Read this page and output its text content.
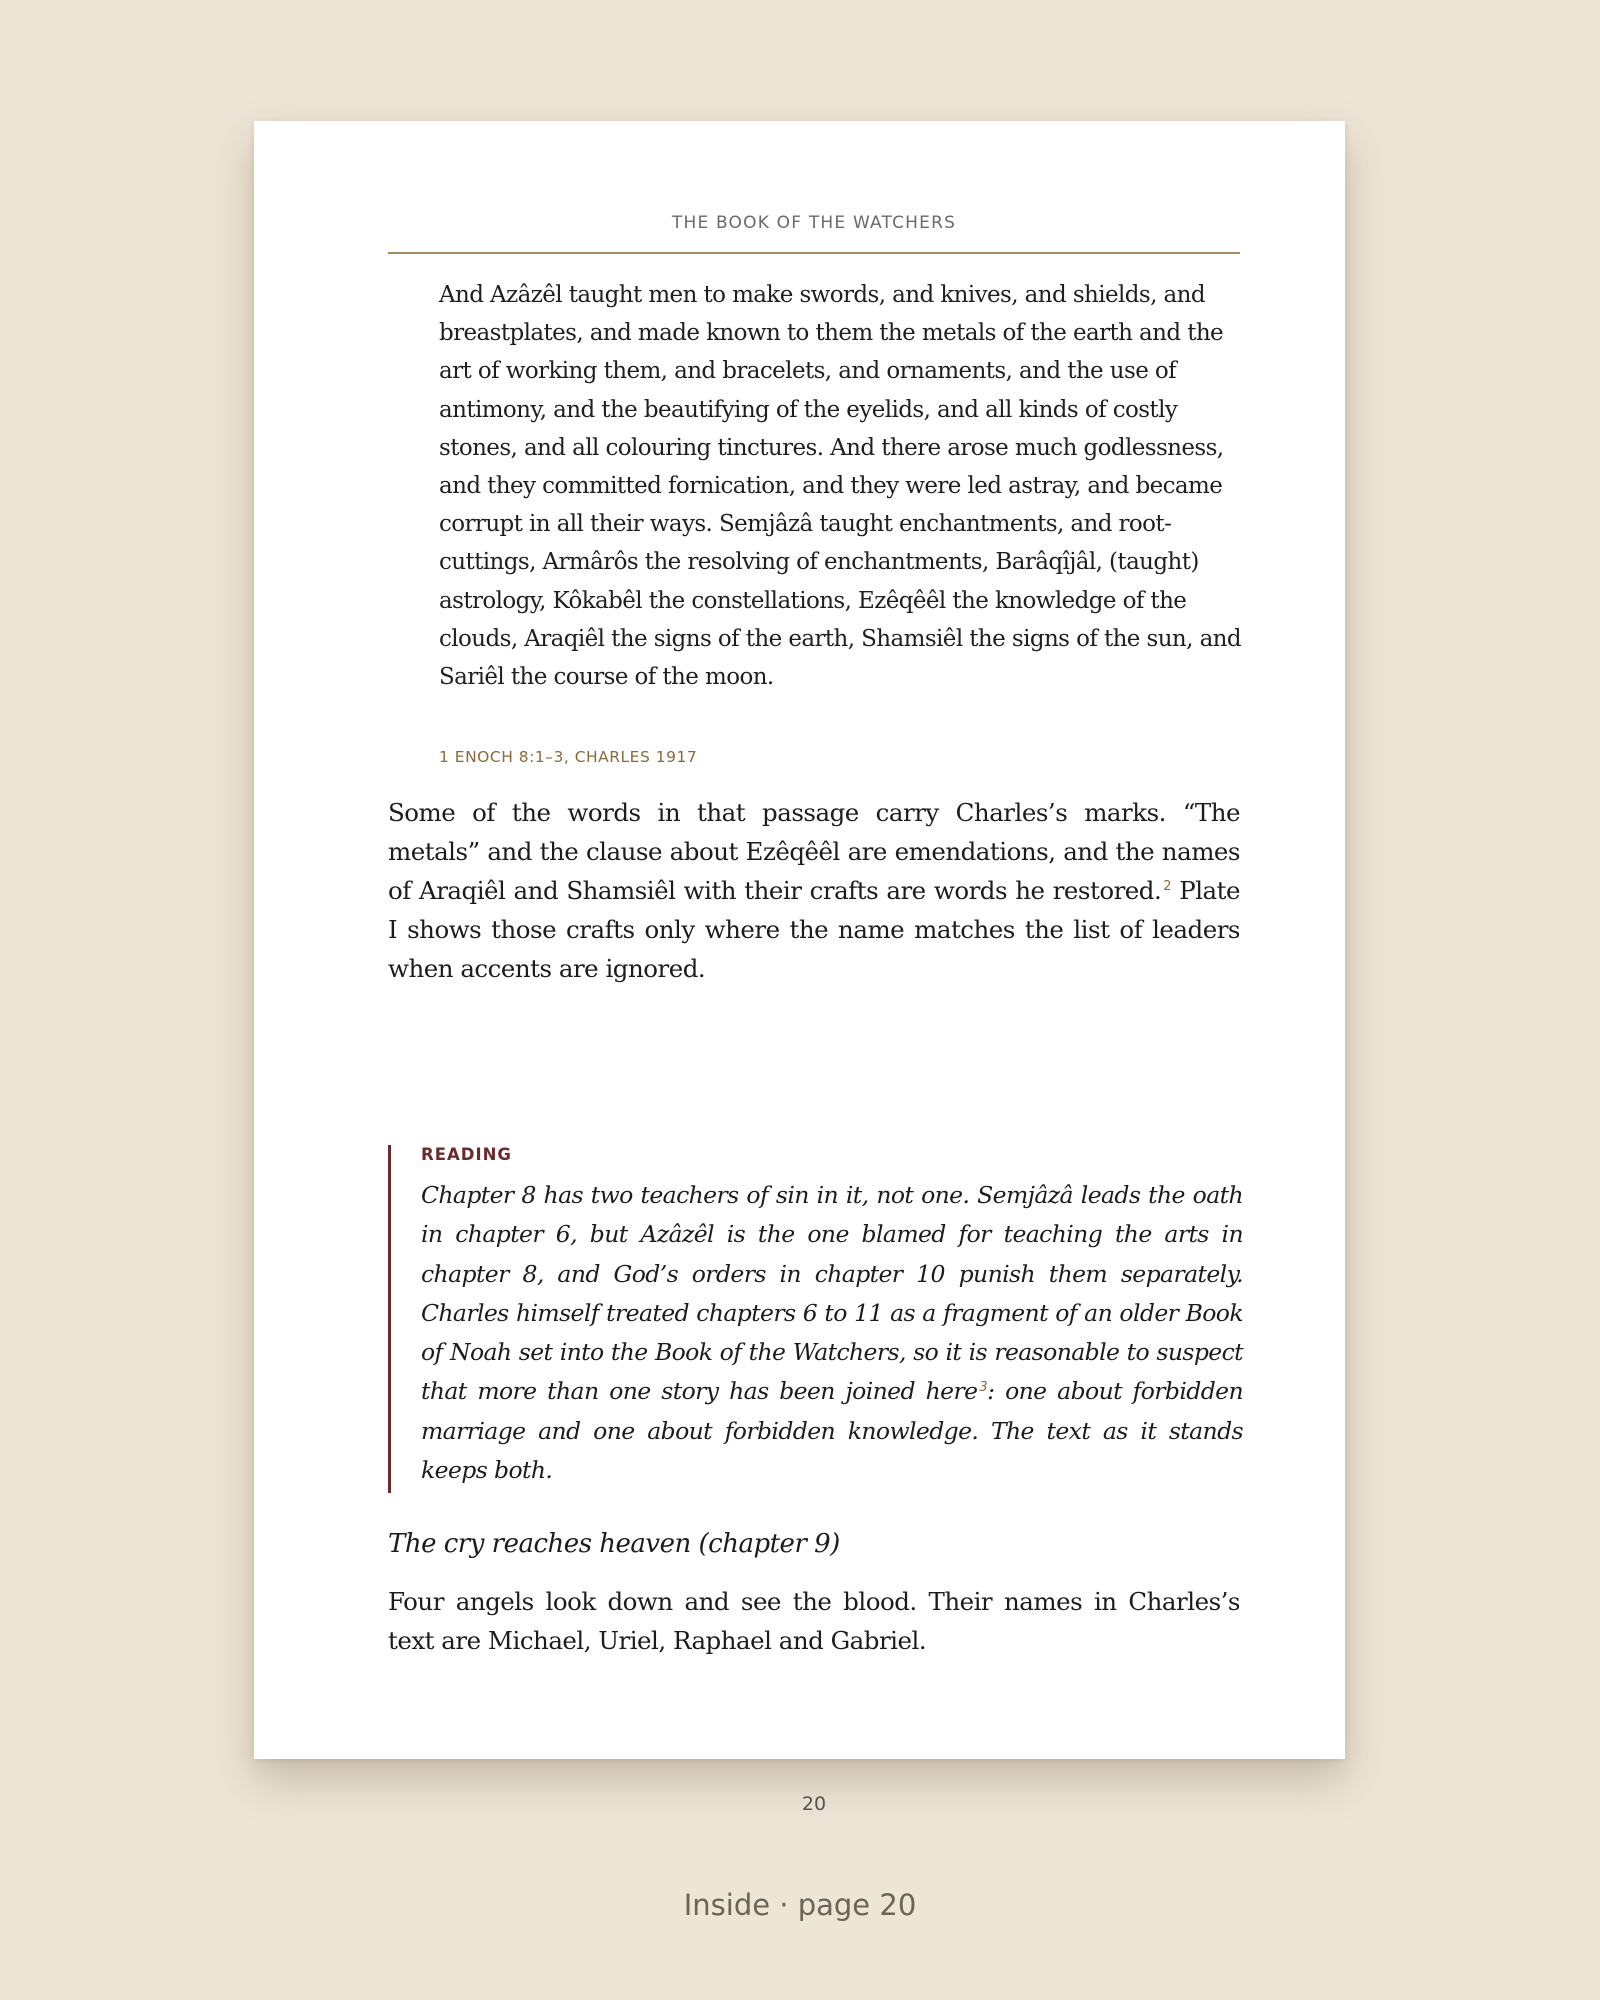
THE BOOK OF THE WATCHERS

And Azâzêl taught men to make swords, and knives, and shields, and breastplates, and made known to them the metals of the earth and the art of working them, and bracelets, and ornaments, and the use of antimony, and the beautifying of the eyelids, and all kinds of costly stones, and all colouring tinctures. And there arose much godlessness, and they committed fornication, and they were led astray, and became corrupt in all their ways. Semjâzâ taught enchantments, and root-cuttings, Armârôs the resolving of enchantments, Barâqîjâl, (taught) astrology, Kôkabêl the constellations, Ezêqêêl the knowledge of the clouds, Araqiêl the signs of the earth, Shamsiêl the signs of the sun, and Sariêl the course of the moon.

1 ENOCH 8:1–3, CHARLES 1917

Some of the words in that passage carry Charles’s marks. “The metals” and the clause about Ezêqêêl are emendations, and the names of Araqiêl and Shamsiêl with their crafts are words he restored. $^2$ Plate I shows those crafts only where the name matches the list of leaders when accents are ignored.

READING

Chapter 8 has two teachers of sin in it, not one. Semjâzâ leads the oath in chapter 6, but Azâzêl is the one blamed for teaching the arts in chapter 8, and God’s orders in chapter 10 punish them separately. Charles himself treated chapters 6 to 11 as a fragment of an older Book of Noah set into the Book of the Watchers, so it is reasonable to suspect that more than one story has been joined here $^3$: one about forbidden marriage and one about forbidden knowledge. The text as it stands keeps both.

The cry reaches heaven (chapter 9)

Four angels look down and see the blood. Their names in Charles’s text are Michael, Uriel, Raphael and Gabriel.

20
Inside · page 20
